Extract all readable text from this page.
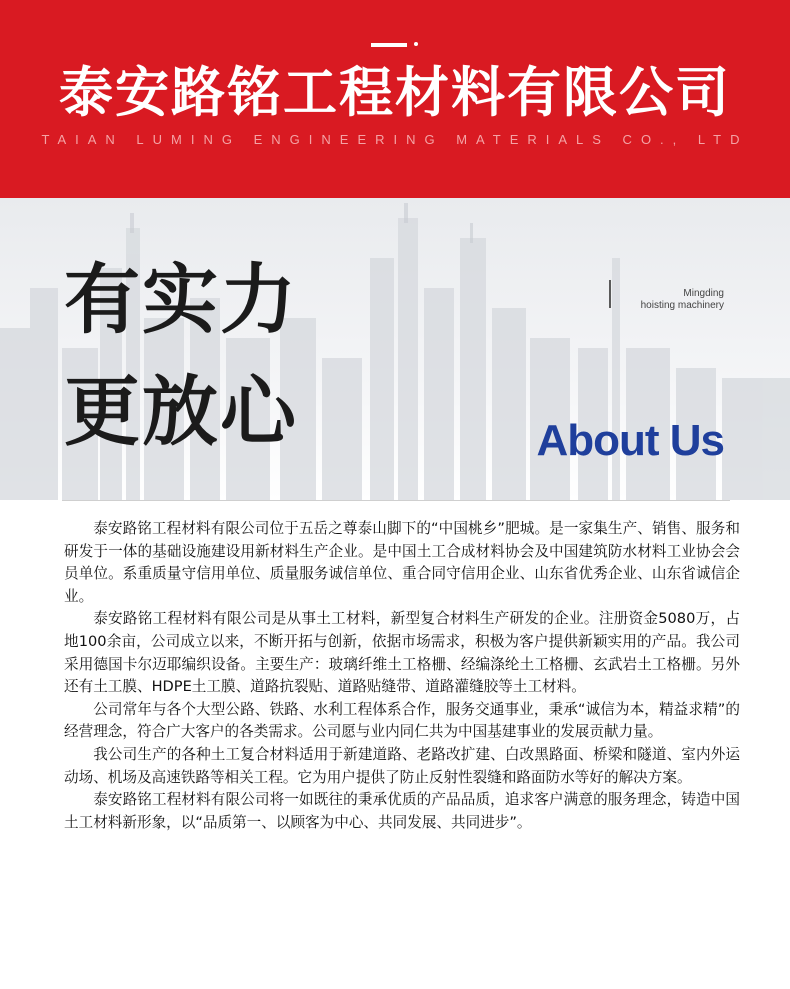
泰安路铭工程材料有限公司
TAIAN LUMING ENGINEERING MATERIALS CO., LTD
有实力
更放心
Mingding
hoisting machinery
About Us

泰安路铭工程材料有限公司位于五岳之尊泰山脚下的“中国桃乡”肥城。是一家集生产、销售、服务和研发于一体的基础设施建设用新材料生产企业。是中国土工合成材料协会及中国建筑防水材料工业协会会员单位。系重质量守信用单位、质量服务诚信单位、重合同守信用企业、山东省优秀企业、山东省诚信企业。

泰安路铭工程材料有限公司是从事土工材料，新型复合材料生产研发的企业。注册资金5080万，占地100余亩，公司成立以来，不断开拓与创新，依据市场需求，积极为客户提供新颖实用的产品。我公司采用德国卡尔迈耶编织设备。主要生产：玻璃纤维土工格栅、经编涤纶土工格栅、玄武岩土工格栅。另外还有土工膜、HDPE土工膜、道路抗裂贴、道路贴缝带、道路灌缝胶等土工材料。

公司常年与各个大型公路、铁路、水利工程体系合作，服务交通事业，秉承“诚信为本，精益求精”的经营理念，符合广大客户的各类需求。公司愿与业内同仁共为中国基建事业的发展贡献力量。

我公司生产的各种土工复合材料适用于新建道路、老路改扩建、白改黑路面、桥梁和隧道、室内外运动场、机场及高速铁路等相关工程。它为用户提供了防止反射性裂缝和路面防水等好的解决方案。

泰安路铭工程材料有限公司将一如既往的秉承优质的产品品质，追求客户满意的服务理念，铸造中国土工材料新形象，以“品质第一、以顾客为中心、共同发展、共同进步”。
